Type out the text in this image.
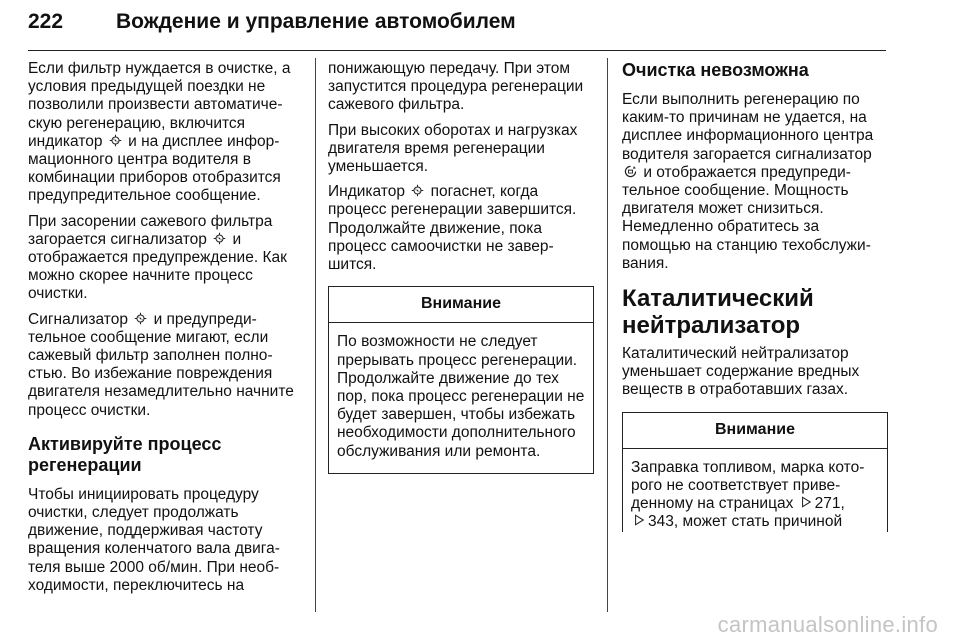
222	Вождение и управление автомобилем

Если фильтр нуждается в очистке, а условия предыдущей поездки не позволили произвести автоматическую регенерацию, включится индикатор и на дисплее информационного центра водителя в комбинации приборов отобразится предупредительное сообщение.

При засорении сажевого фильтра загорается сигнализатор и отображается предупреждение. Как можно скорее начните процесс очистки.

Сигнализатор и предупредительное сообщение мигают, если сажевый фильтр заполнен полностью. Во избежание повреждения двигателя незамедлительно начните процесс очистки.

Активируйте процесс регенерации

Чтобы инициировать процедуру очистки, следует продолжать движение, поддерживая частоту вращения коленчатого вала двигателя выше 2000 об/мин. При необходимости, переключитесь на

понижающую передачу. При этом запустится процедура регенерации сажевого фильтра.

При высоких оборотах и нагрузках двигателя время регенерации уменьшается.

Индикатор погаснет, когда процесс регенерации завершится. Продолжайте движение, пока процесс самоочистки не завершится.

Внимание
По возможности не следует прерывать процесс регенерации. Продолжайте движение до тех пор, пока процесс регенерации не будет завершен, чтобы избежать необходимости дополнительного обслуживания или ремонта.
Очистка невозможна

Если выполнить регенерацию по каким-то причинам не удается, на дисплее информационного центра водителя загорается сигнализатор
и отображается предупредительное сообщение. Мощность двигателя может снизиться. Немедленно обратитесь за помощью на станцию техобслуживания.

Каталитический нейтрализатор

Каталитический нейтрализатор уменьшает содержание вредных веществ в отработавших газах.

Внимание
Заправка топливом, марка которого не соответствует приведенному на страницах 271,

343, может стать причиной
carmanualsonline.info
